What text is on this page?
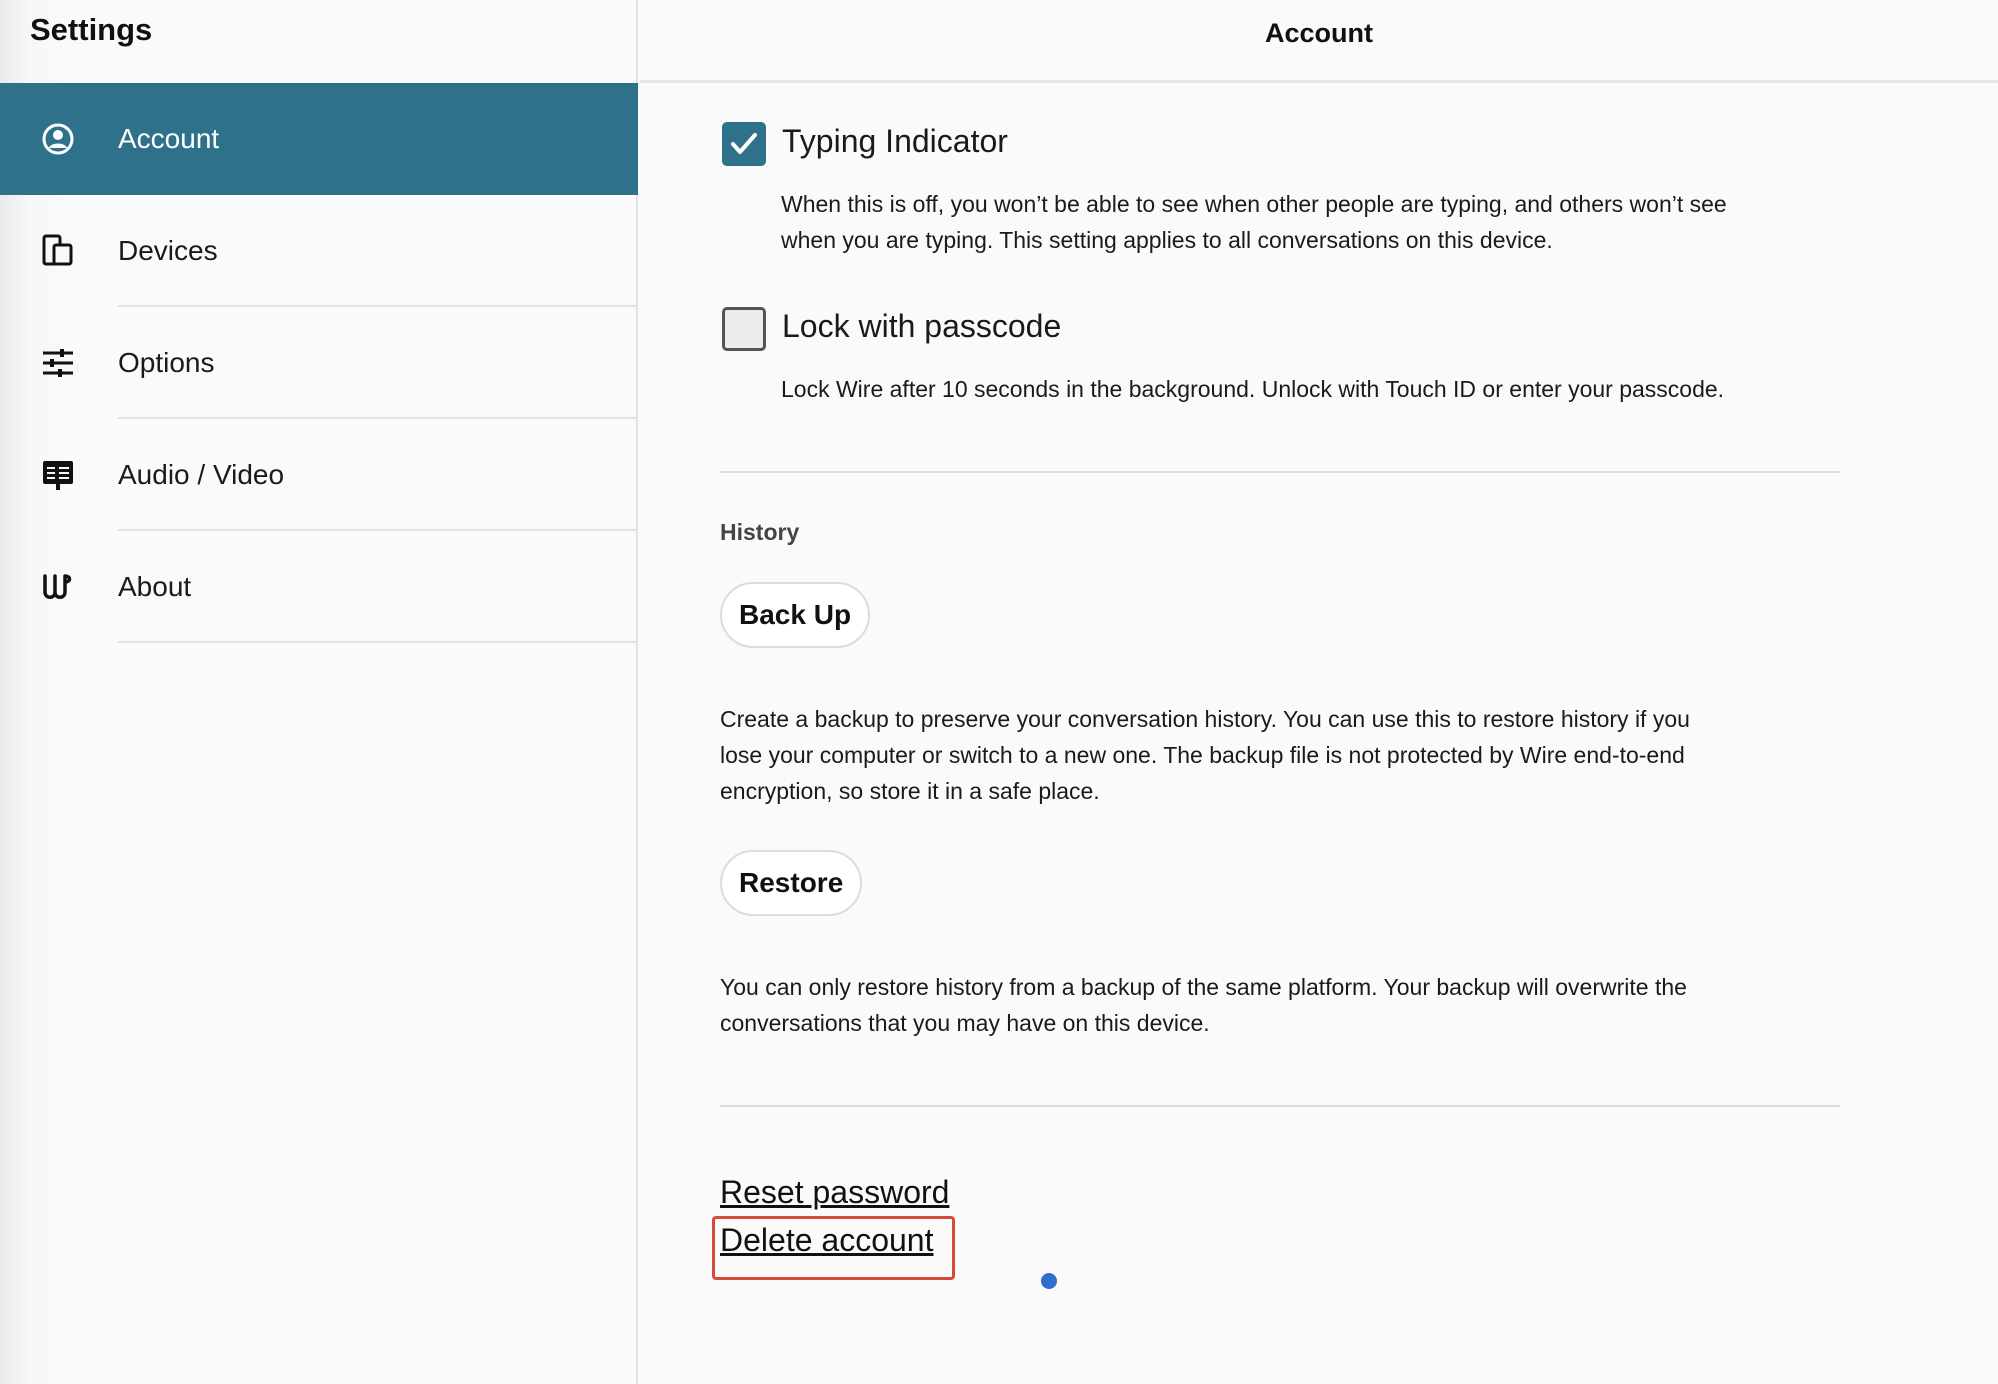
Settings
Account
Devices
Options
Audio / Video
About
Account
Typing Indicator
When this is off, you won’t be able to see when other people are typing, and others won’t see
when you are typing. This setting applies to all conversations on this device.
Lock with passcode
Lock Wire after 10 seconds in the background. Unlock with Touch ID or enter your passcode.
History
Back Up
Create a backup to preserve your conversation history. You can use this to restore history if you
lose your computer or switch to a new one. The backup file is not protected by Wire end-to-end
encryption, so store it in a safe place.
Restore
You can only restore history from a backup of the same platform. Your backup will overwrite the
conversations that you may have on this device.
Reset password
Delete account
